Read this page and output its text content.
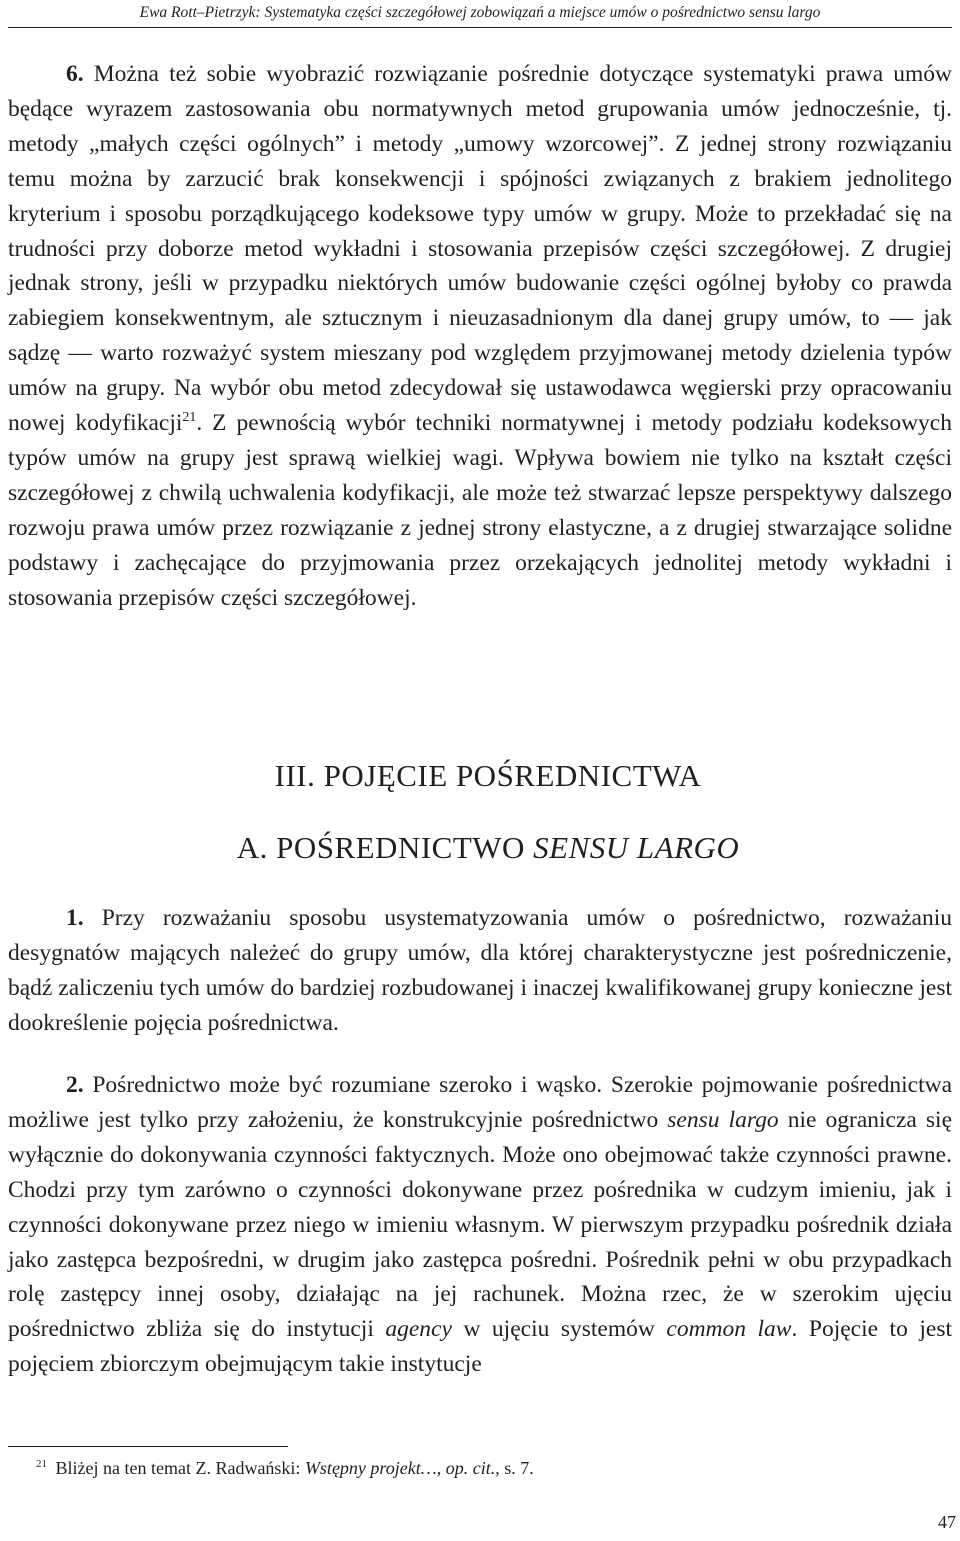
Ewa Rott–Pietrzyk: Systematyka części szczegółowej zobowiązań a miejsce umów o pośrednictwo sensu largo

6. Można też sobie wyobrazić rozwiązanie pośrednie dotyczące systematyki prawa umów będące wyrazem zastosowania obu normatywnych metod grupowania umów jednocześnie, tj. metody „małych części ogólnych” i metody „umowy wzorcowej”. Z jednej strony rozwiązaniu temu można by zarzucić brak konsekwencji i spójności związanych z brakiem jednolitego kryterium i sposobu porządkującego kodeksowe typy umów w grupy. Może to przekładać się na trudności przy doborze metod wykładni i stosowania przepisów części szczegółowej. Z drugiej jednak strony, jeśli w przypadku niektórych umów budowanie części ogólnej byłoby co prawda zabiegiem konsekwentnym, ale sztucznym i nieuzasadnionym dla danej grupy umów, to — jak sądzę — warto rozważyć system mieszany pod względem przyjmowanej metody dzielenia typów umów na grupy. Na wybór obu metod zdecydował się ustawodawca węgierski przy opracowaniu nowej kodyfikacji$^{21}$. Z pewnością wybór techniki normatywnej i metody podziału kodeksowych typów umów na grupy jest sprawą wielkiej wagi. Wpływa bowiem nie tylko na kształt części szczegółowej z chwilą uchwalenia kodyfikacji, ale może też stwarzać lepsze perspektywy dalszego rozwoju prawa umów przez rozwiązanie z jednej strony elastyczne, a z drugiej stwarzające solidne podstawy i zachęcające do przyjmowania przez orzekających jednolitej metody wykładni i stosowania przepisów części szczegółowej.

III. POJĘCIE POŚREDNICTWA
A. POŚREDNICTWO SENSU LARGO

1. Przy rozważaniu sposobu usystematyzowania umów o pośrednictwo, rozważaniu desygnatów mających należeć do grupy umów, dla której charakterystyczne jest pośredniczenie, bądź zaliczeniu tych umów do bardziej rozbudowanej i inaczej kwalifikowanej grupy konieczne jest dookreślenie pojęcia pośrednictwa.

2. Pośrednictwo może być rozumiane szeroko i wąsko. Szerokie pojmowanie pośrednictwa możliwe jest tylko przy założeniu, że konstrukcyjnie pośrednictwo sensu largo nie ogranicza się wyłącznie do dokonywania czynności faktycznych. Może ono obejmować także czynności prawne. Chodzi przy tym zarówno o czynności dokonywane przez pośrednika w cudzym imieniu, jak i czynności dokonywane przez niego w imieniu własnym. W pierwszym przypadku pośrednik działa jako zastępca bezpośredni, w drugim jako zastępca pośredni. Pośrednik pełni w obu przypadkach rolę zastępcy innej osoby, działając na jej rachunek. Można rzec, że w szerokim ujęciu pośrednictwo zbliża się do instytucji agency w ujęciu systemów common law. Pojęcie to jest pojęciem zbiorczym obejmującym takie instytucje

$^{21}$ Bliżej na ten temat Z. Radwański: Wstępny projekt…, op. cit., s. 7.
47
